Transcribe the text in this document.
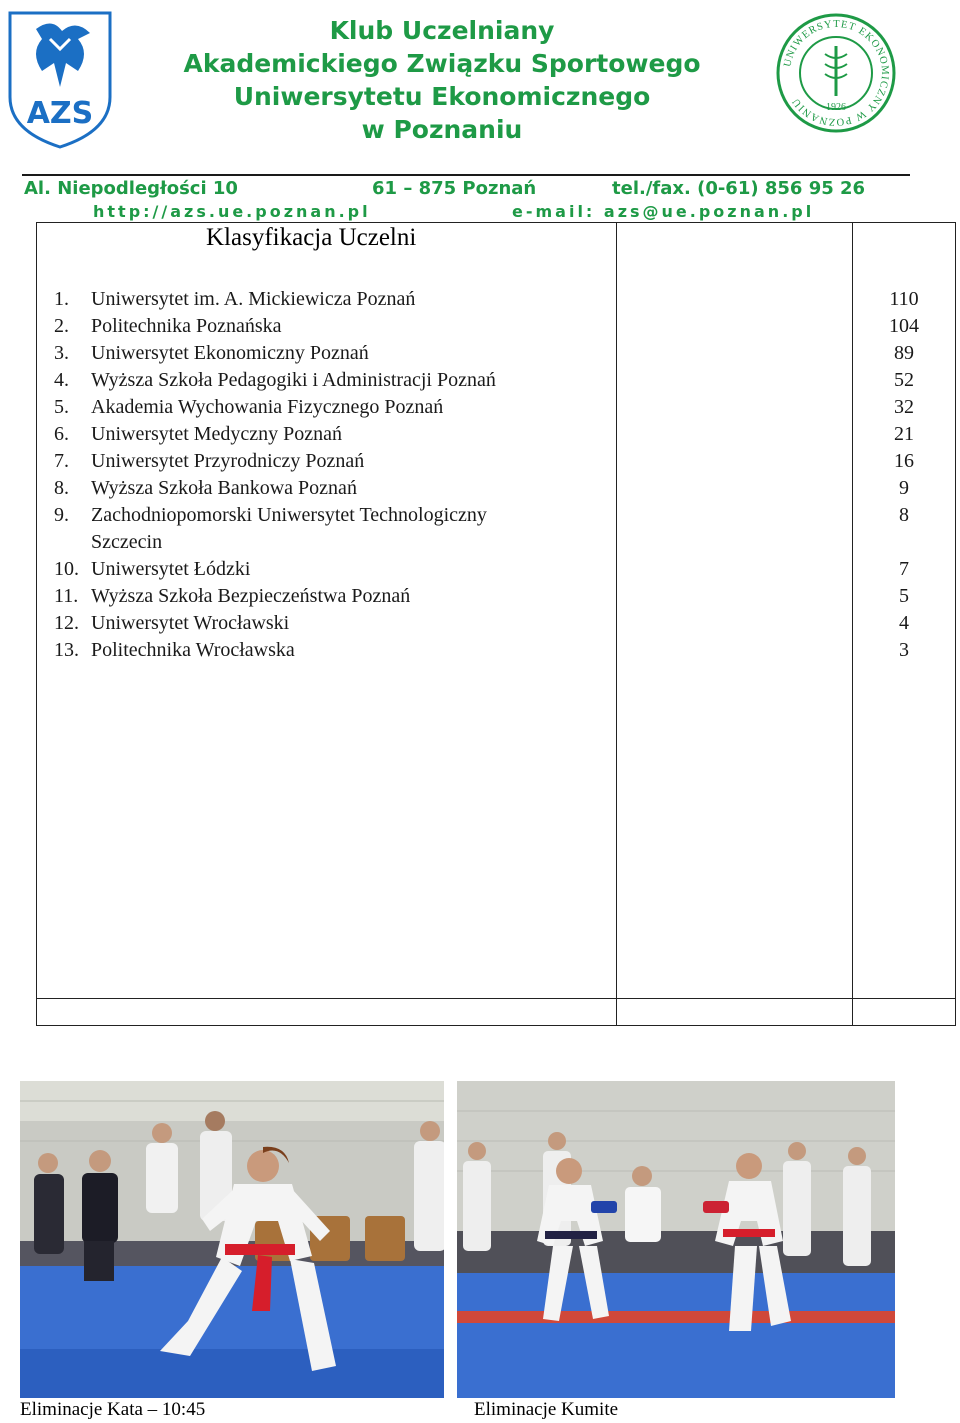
AZS
Klub Uczelniany
Akademickiego Związku Sportowego
Uniwersytetu Ekonomicznego
w Poznaniu
UNIWERSYTET EKONOMICZNY W POZNANIU	1926
Al. Niepodległości 10	61 – 875 Poznań	tel./fax. (0-61) 856 95 26
http://azs.ue.poznan.pl	e-mail: azs@ue.poznan.pl
Klasyfikacja Uczelni
1.	Uniwersytet im. A. Mickiewicza Poznań	110
2.	Politechnika Poznańska	104
3.	Uniwersytet Ekonomiczny Poznań	89
4.	Wyższa Szkoła Pedagogiki i Administracji Poznań	52
5.	Akademia Wychowania Fizycznego Poznań	32
6.	Uniwersytet Medyczny Poznań	21
7.	Uniwersytet Przyrodniczy Poznań	16
8.	Wyższa Szkoła Bankowa Poznań	9
9.	Zachodniopomorski Uniwersytet Technologiczny	8
Szczecin
10. Uniwersytet Łódzki	7
11. Wyższa Szkoła Bezpieczeństwa Poznań	5
12. Uniwersytet Wrocławski	4
13. Politechnika Wrocławska	3
Eliminacje Kata – 10:45	Eliminacje Kumite
